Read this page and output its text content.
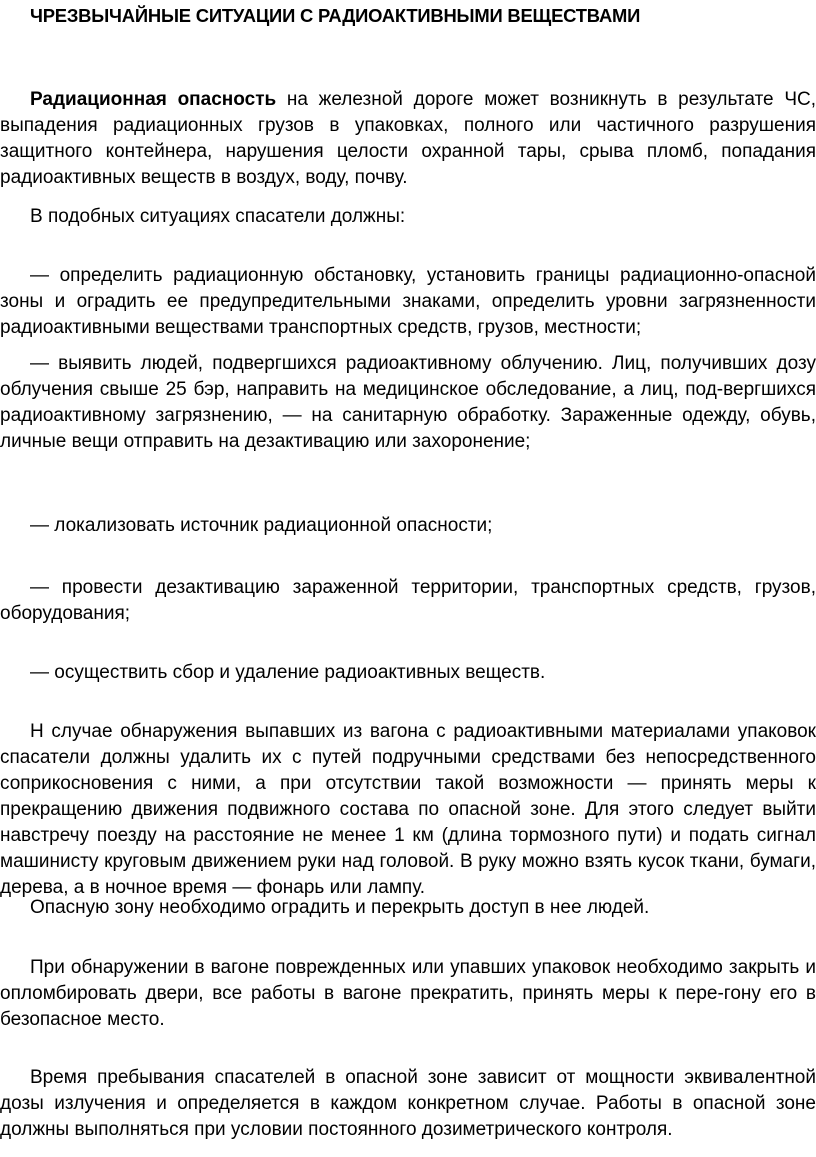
ЧРЕЗВЫЧАЙНЫЕ СИТУАЦИИ С РАДИОАКТИВНЫМИ ВЕЩЕСТВАМИ
Радиационная опасность на железной дороге может возникнуть в результате ЧС, выпадения радиационных грузов в упаковках, полного или частичного разрушения защитного контейнера, нарушения целости охранной тары, срыва пломб, попадания радиоактивных веществ в воздух, воду, почву.
В подобных ситуациях спасатели должны:
— определить радиационную обстановку, установить границы радиационно-опасной зоны и оградить ее предупредительными знаками, определить уровни загрязненности радиоактивными веществами транспортных средств, грузов, местности;
— выявить людей, подвергшихся радиоактивному облучению. Лиц, получивших дозу облучения свыше 25 бэр, направить на медицинское обследование, а лиц, под-вергшихся радиоактивному загрязнению, — на санитарную обработку. Зараженные одежду, обувь, личные вещи отправить на дезактивацию или захоронение;
— локализовать источник радиационной опасности;
— провести дезактивацию зараженной территории, транспортных средств, грузов, оборудования;
— осуществить сбор и удаление радиоактивных веществ.
Н случае обнаружения выпавших из вагона с радиоактивными материалами упаковок спасатели должны удалить их с путей подручными средствами без непосредственного соприкосновения с ними, а при отсутствии такой возможности — принять меры к прекращению движения подвижного состава по опасной зоне. Для этого следует выйти навстречу поезду на расстояние не менее 1 км (длина тормозного пути) и подать сигнал машинисту круговым движением руки над головой. В руку можно взять кусок ткани, бумаги, дерева, а в ночное время — фонарь или лампу.
Опасную зону необходимо оградить и перекрыть доступ в нее людей.
При обнаружении в вагоне поврежденных или упавших упаковок необходимо закрыть и опломбировать двери, все работы в вагоне прекратить, принять меры к пере-гону его в безопасное место.
Время пребывания спасателей в опасной зоне зависит от мощности эквивалентной дозы излучения и определяется в каждом конкретном случае. Работы в опасной зоне должны выполняться при условии постоянного дозиметрического контроля.
